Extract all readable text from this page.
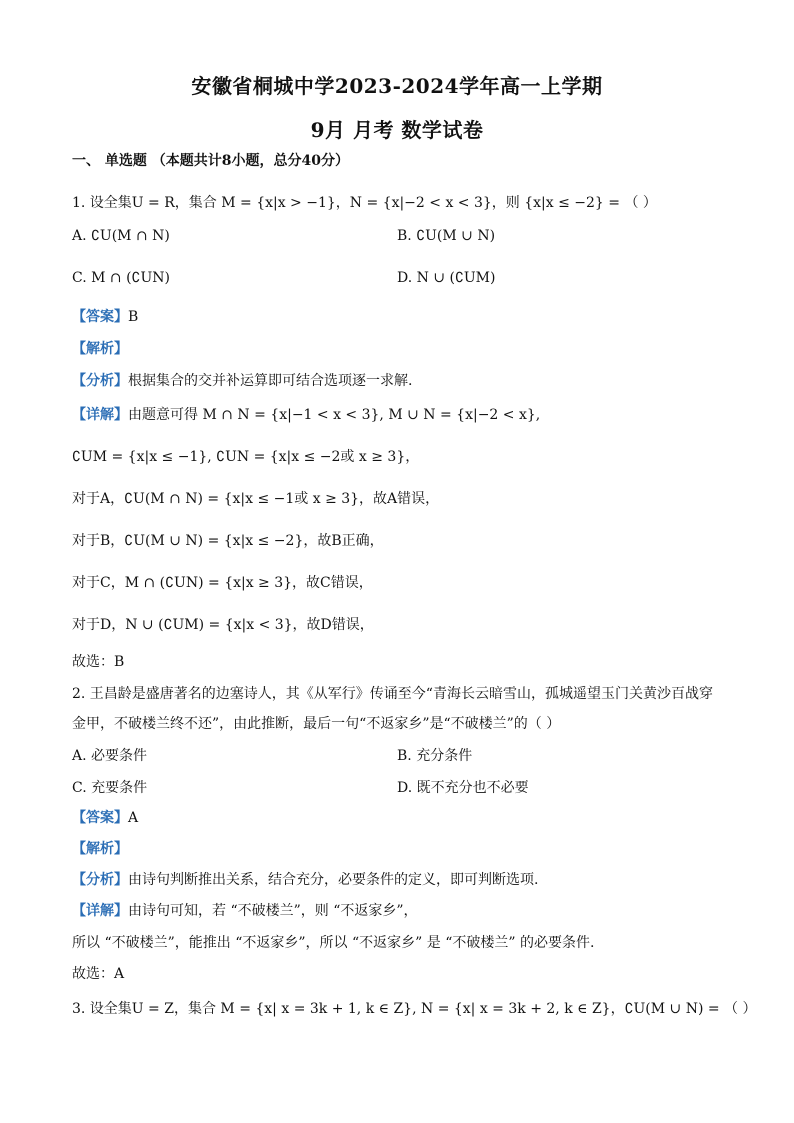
安徽省桐城中学2023-2024学年高一上学期
9月 月考 数学试卷
一、 单选题 （本题共计8小题，总分40分）
1. 设全集U = R，集合 M = {x|x > −1}，N = {x|−2 < x < 3}，则 {x|x ≤ −2} = （ ）
A. ∁U(M ∩ N)	B. ∁U(M ∪ N)
C. M ∩ (∁UN)	D. N ∪ (∁UM)
【答案】B
【解析】
【分析】根据集合的交并补运算即可结合选项逐一求解.
【详解】由题意可得 M ∩ N = {x|−1 < x < 3}, M ∪ N = {x|−2 < x},
∁UM = {x|x ≤ −1}, ∁UN = {x|x ≤ −2或 x ≥ 3}，
对于A，∁U(M ∩ N) = {x|x ≤ −1或 x ≥ 3}，故A错误，
对于B，∁U(M ∪ N) = {x|x ≤ −2}，故B正确，
对于C，M ∩ (∁UN) = {x|x ≥ 3}，故C错误，
对于D，N ∪ (∁UM) = {x|x < 3}，故D错误，
故选：B
2. 王昌龄是盛唐著名的边塞诗人，其《从军行》传诵至今“青海长云暗雪山，孤城遥望玉门关黄沙百战穿
金甲，不破楼兰终不还”，由此推断，最后一句“不返家乡”是“不破楼兰”的（ ）
A. 必要条件	B. 充分条件
C. 充要条件	D. 既不充分也不必要
【答案】A
【解析】
【分析】由诗句判断推出关系，结合充分，必要条件的定义，即可判断选项.
【详解】由诗句可知，若 “不破楼兰”，则 “不返家乡”，
所以 “不破楼兰”，能推出 “不返家乡”，所以 “不返家乡” 是 “不破楼兰” 的必要条件.
故选：A
3. 设全集U = Z，集合 M = {x| x = 3k + 1, k ∈ Z}, N = {x| x = 3k + 2, k ∈ Z}，∁U(M ∪ N) = （ ）
